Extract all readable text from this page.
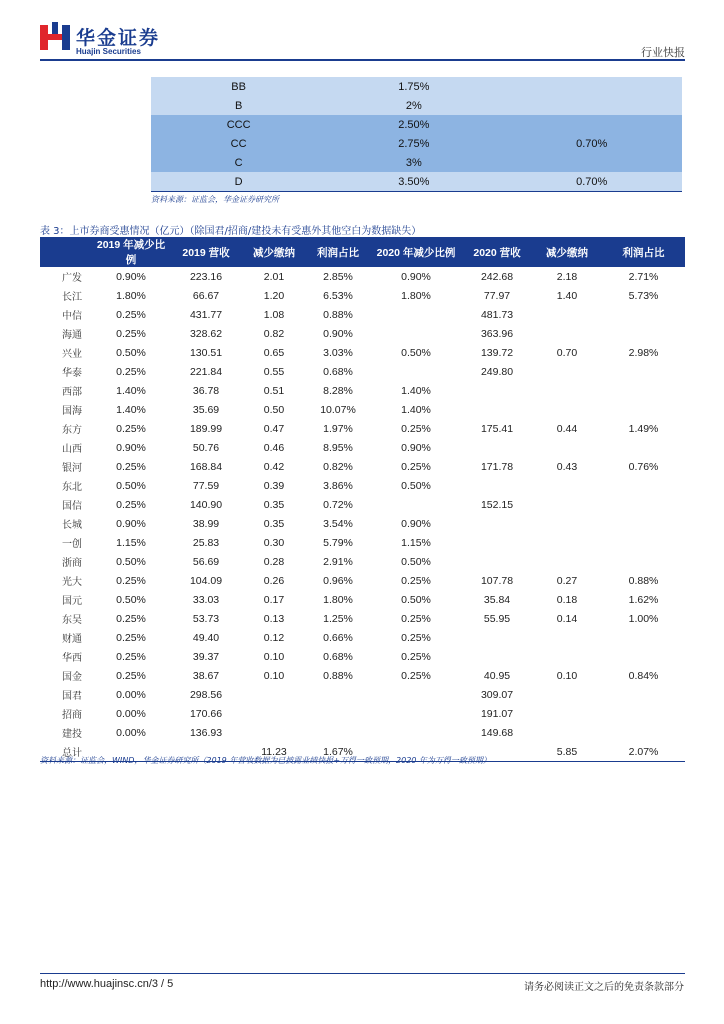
华金证券
Huajin Securities	行业快报
BB	1.75%	
B	2%	
CCC	2.50%	
CC	2.75%	0.70%
C	3%	
D	3.50%	0.70%
资料来源：证监会，华金证券研究所
表 3：上市券商受惠情况（亿元）（除国君/招商/建投未有受惠外其他空白为数据缺失）
	2019 年减少比例	2019 营收	减少缴纳	利润占比	2020 年减少比例	2020 营收	减少缴纳	利润占比
广发	0.90%	223.16	2.01	2.85%	0.90%	242.68	2.18	2.71%
长江	1.80%	66.67	1.20	6.53%	1.80%	77.97	1.40	5.73%
中信	0.25%	431.77	1.08	0.88%		481.73		
海通	0.25%	328.62	0.82	0.90%		363.96		
兴业	0.50%	130.51	0.65	3.03%	0.50%	139.72	0.70	2.98%
华泰	0.25%	221.84	0.55	0.68%		249.80		
西部	1.40%	36.78	0.51	8.28%	1.40%			
国海	1.40%	35.69	0.50	10.07%	1.40%			
东方	0.25%	189.99	0.47	1.97%	0.25%	175.41	0.44	1.49%
山西	0.90%	50.76	0.46	8.95%	0.90%			
银河	0.25%	168.84	0.42	0.82%	0.25%	171.78	0.43	0.76%
东北	0.50%	77.59	0.39	3.86%	0.50%			
国信	0.25%	140.90	0.35	0.72%		152.15		
长城	0.90%	38.99	0.35	3.54%	0.90%			
一创	1.15%	25.83	0.30	5.79%	1.15%			
浙商	0.50%	56.69	0.28	2.91%	0.50%			
光大	0.25%	104.09	0.26	0.96%	0.25%	107.78	0.27	0.88%
国元	0.50%	33.03	0.17	1.80%	0.50%	35.84	0.18	1.62%
东吴	0.25%	53.73	0.13	1.25%	0.25%	55.95	0.14	1.00%
财通	0.25%	49.40	0.12	0.66%	0.25%			
华西	0.25%	39.37	0.10	0.68%	0.25%			
国金	0.25%	38.67	0.10	0.88%	0.25%	40.95	0.10	0.84%
国君	0.00%	298.56				309.07		
招商	0.00%	170.66				191.07		
建投	0.00%	136.93				149.68		
总计			11.23	1.67%			5.85	2.07%
资料来源：证监会，WIND，华金证券研究所（2019 年营收数据为已披露业绩快报+万得一致预期，2020 年为万得一致预期）
http://www.huajinsc.cn/3 / 5	请务必阅读正文之后的免责条款部分
